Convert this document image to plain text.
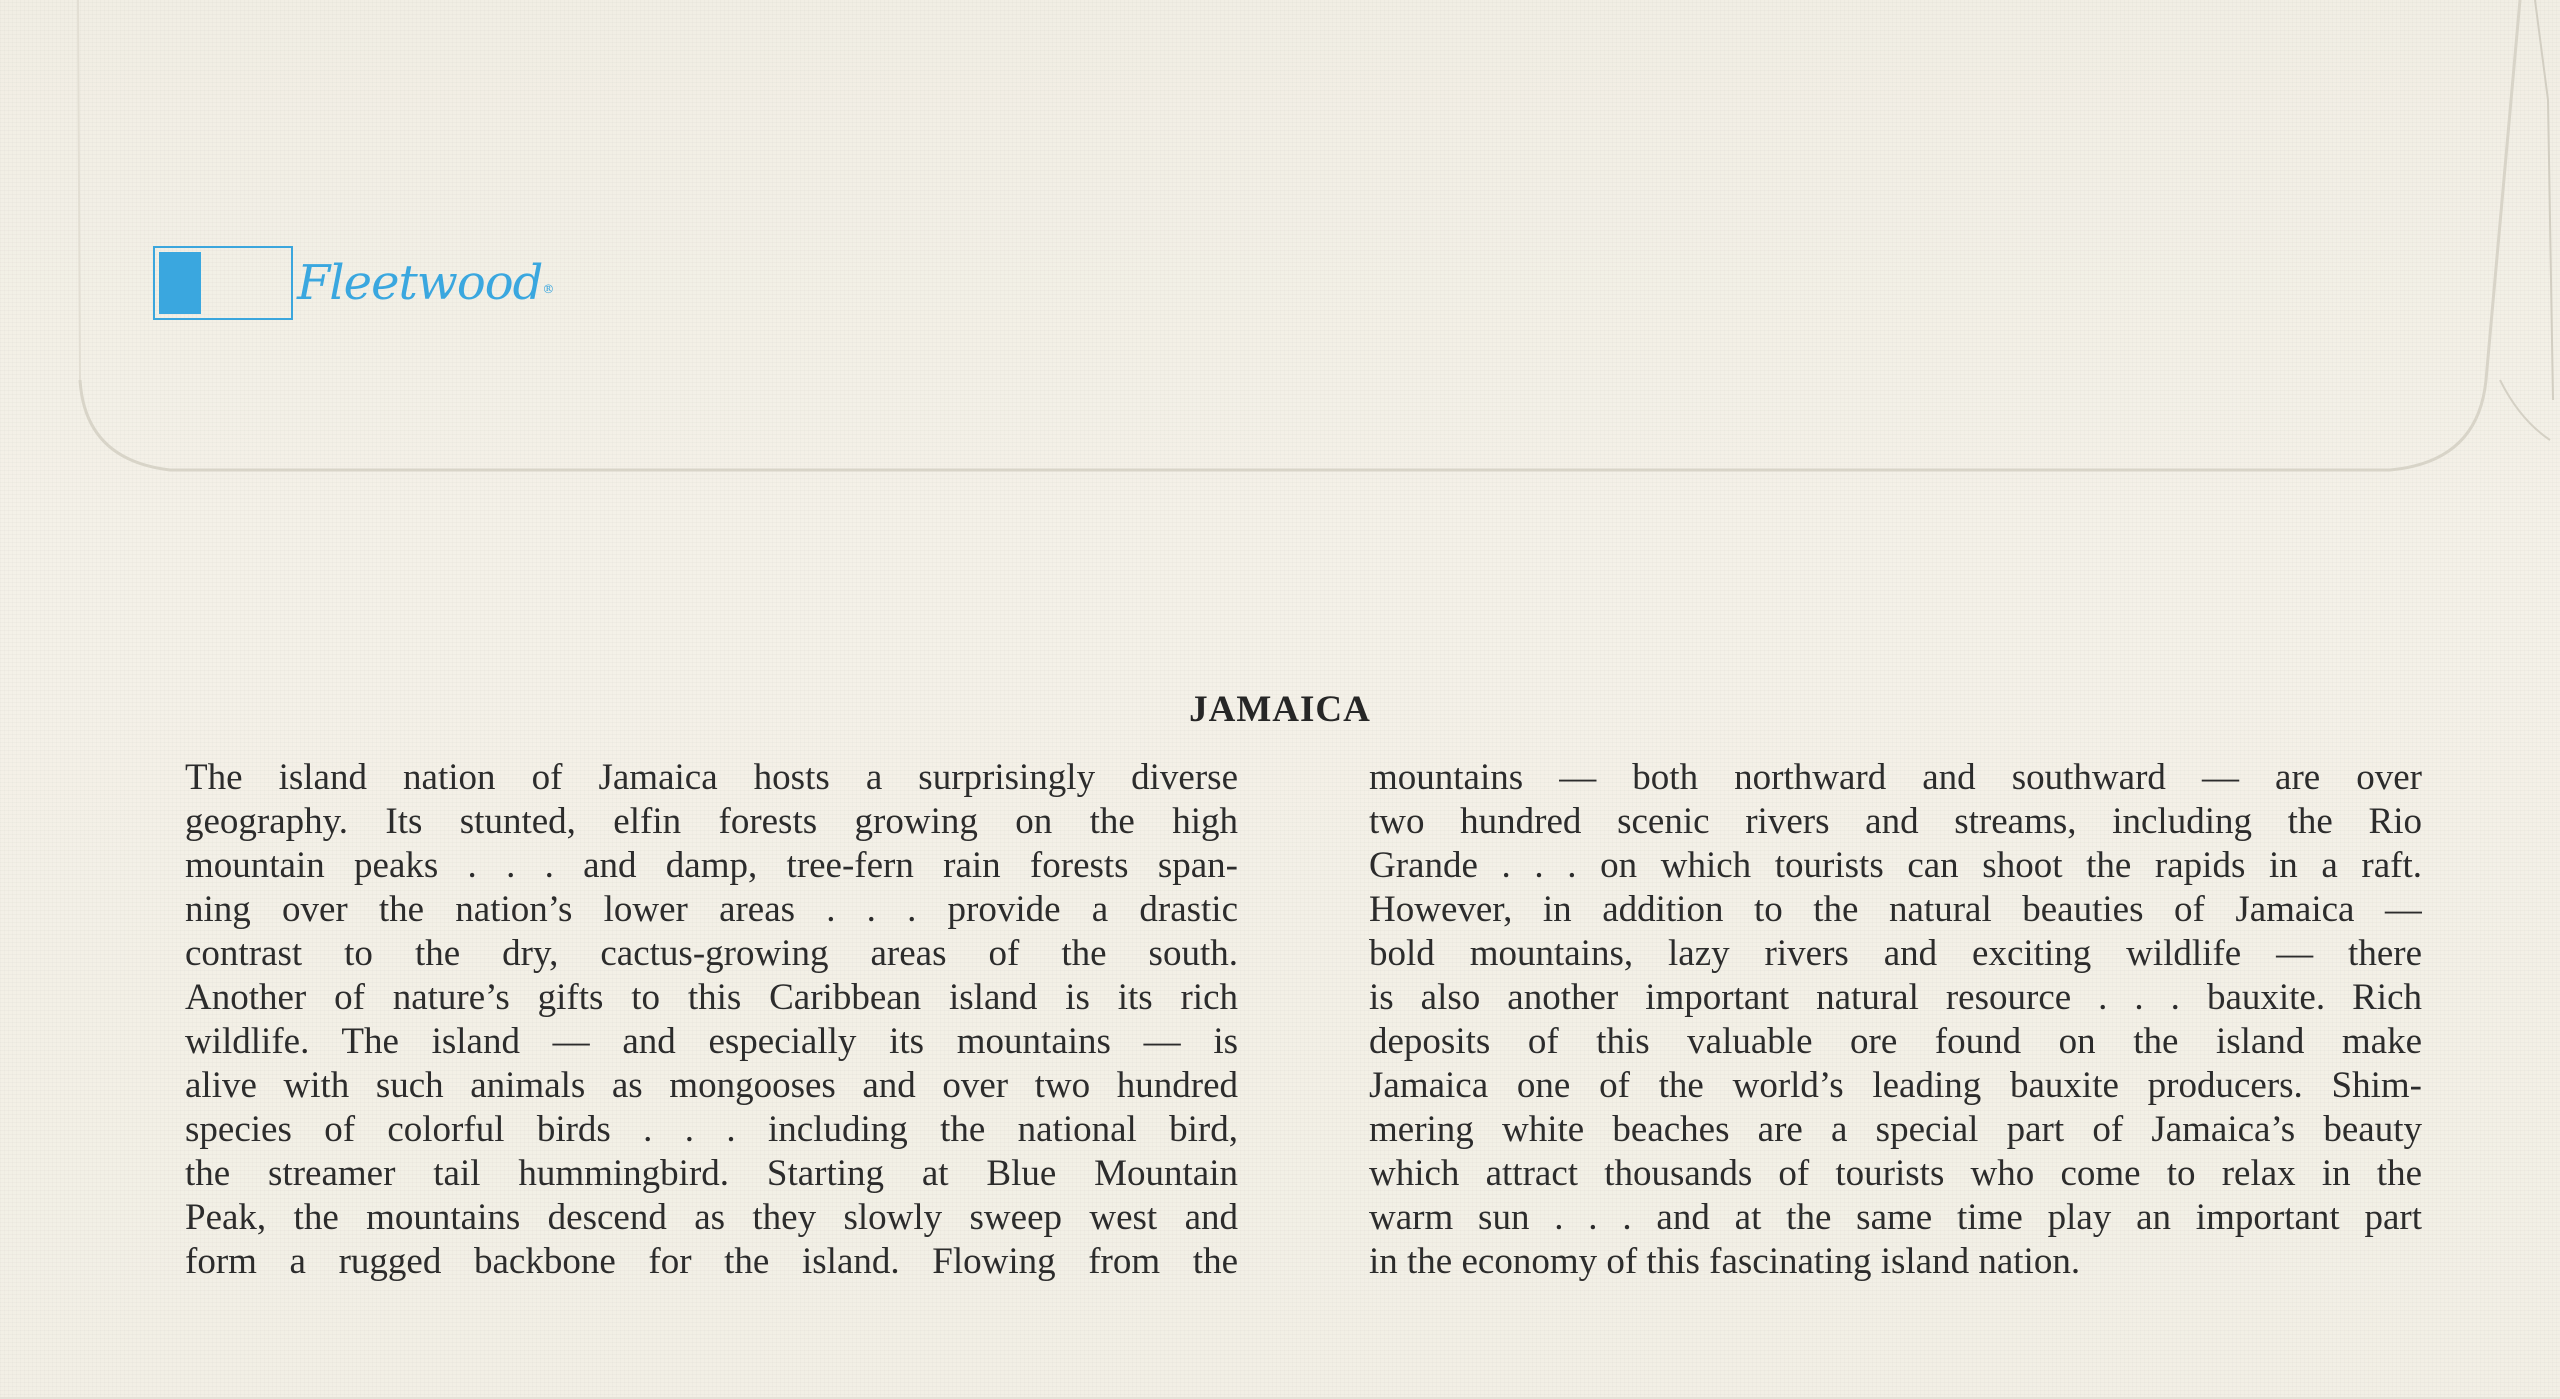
Fleetwood®
JAMAICA
The island nation of Jamaica hosts a surprisingly diverse
geography. Its stunted, elfin forests growing on the high
mountain peaks . . . and damp, tree-fern rain forests span-
ning over the nation’s lower areas . . . provide a drastic
contrast to the dry, cactus-growing areas of the south.
Another of nature’s gifts to this Caribbean island is its rich
wildlife. The island — and especially its mountains — is
alive with such animals as mongooses and over two hundred
species of colorful birds . . . including the national bird,
the streamer tail hummingbird. Starting at Blue Mountain
Peak, the mountains descend as they slowly sweep west and
form a rugged backbone for the island. Flowing from the
mountains — both northward and southward — are over
two hundred scenic rivers and streams, including the Rio
Grande . . . on which tourists can shoot the rapids in a raft.
However, in addition to the natural beauties of Jamaica —
bold mountains, lazy rivers and exciting wildlife — there
is also another important natural resource . . . bauxite. Rich
deposits of this valuable ore found on the island make
Jamaica one of the world’s leading bauxite producers. Shim-
mering white beaches are a special part of Jamaica’s beauty
which attract thousands of tourists who come to relax in the
warm sun . . . and at the same time play an important part
in the economy of this fascinating island nation.
